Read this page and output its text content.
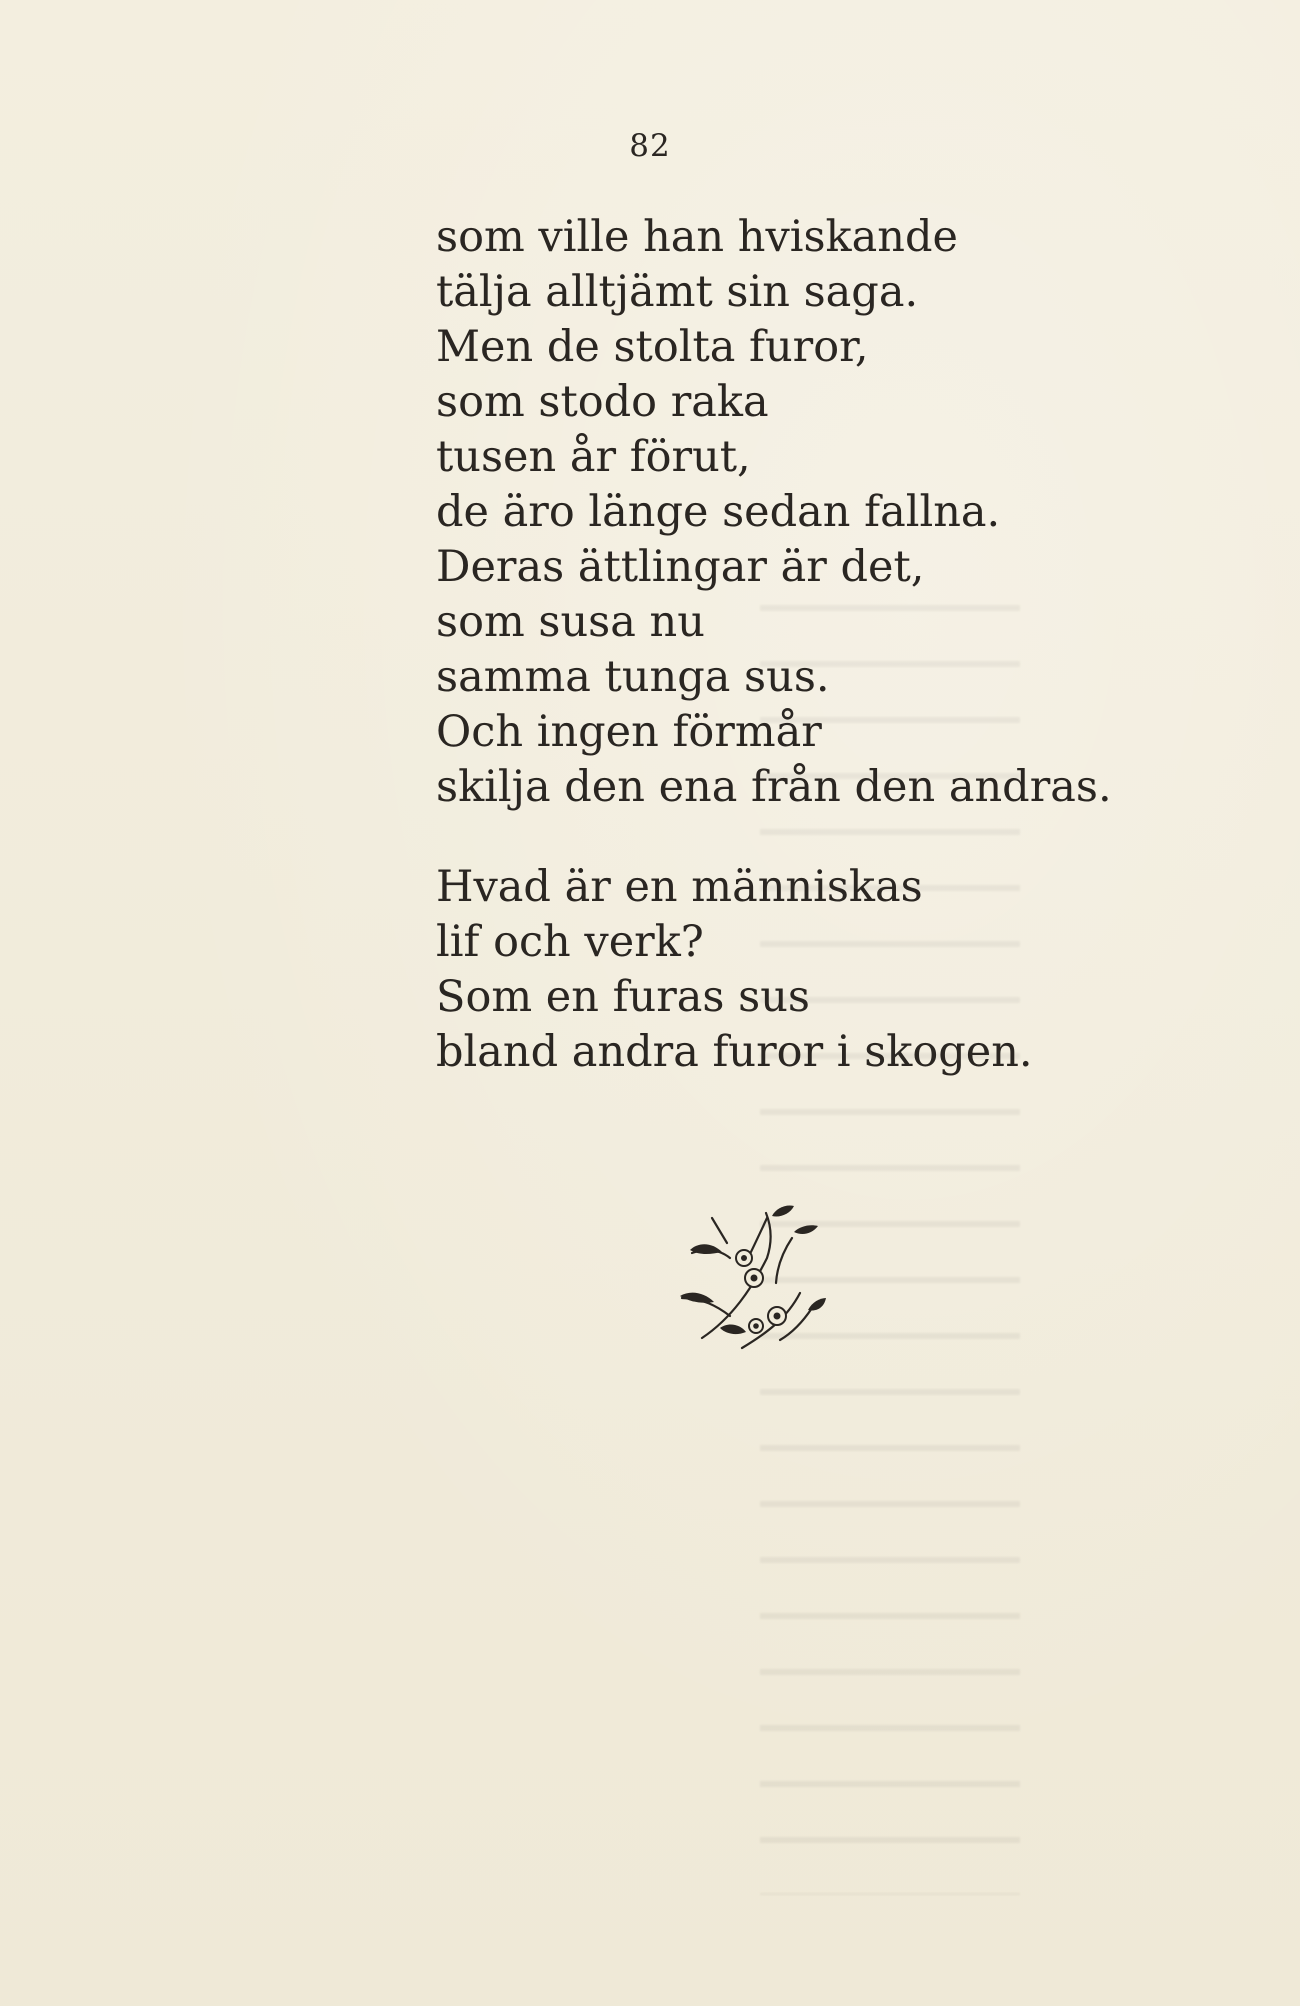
82
som ville han hviskande
tälja alltjämt sin saga.
Men de stolta furor,
som stodo raka
tusen år förut,
de äro länge sedan fallna.
Deras ättlingar är det,
som susa nu
samma tunga sus.
Och ingen förmår
skilja den ena från den andras.
Hvad är en människas
lif och verk?
Som en furas sus
bland andra furor i skogen.
